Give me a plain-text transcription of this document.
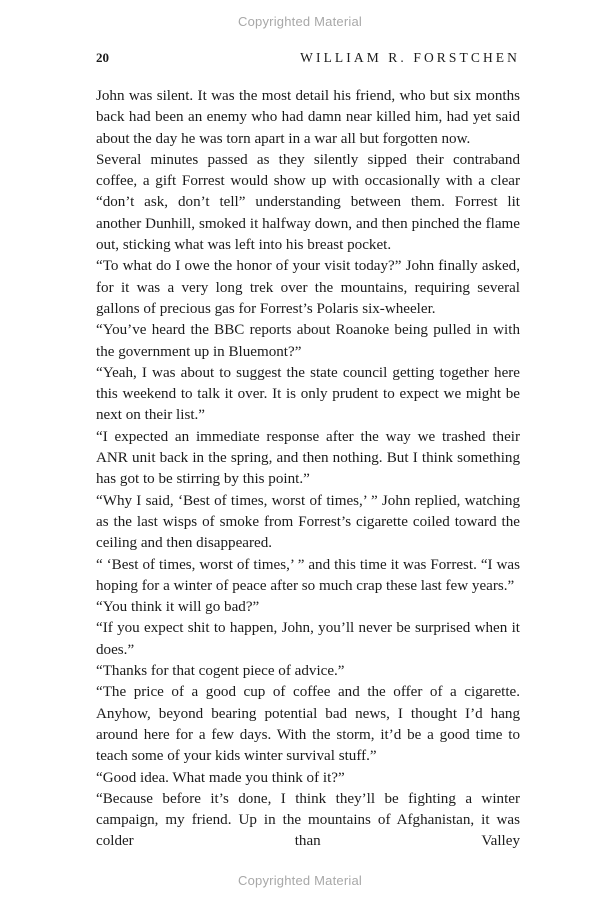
Copyrighted Material
20	WILLIAM R. FORSTCHEN

John was silent. It was the most detail his friend, who but six months back had been an enemy who had damn near killed him, had yet said about the day he was torn apart in a war all but forgotten now.

Several minutes passed as they silently sipped their contraband coffee, a gift Forrest would show up with occasionally with a clear “don’t ask, don’t tell” understanding between them. Forrest lit another Dunhill, smoked it halfway down, and then pinched the flame out, sticking what was left into his breast pocket.

“To what do I owe the honor of your visit today?” John finally asked, for it was a very long trek over the mountains, requiring several gallons of precious gas for Forrest’s Polaris six-wheeler.

“You’ve heard the BBC reports about Roanoke being pulled in with the government up in Bluemont?”

“Yeah, I was about to suggest the state council getting together here this weekend to talk it over. It is only prudent to expect we might be next on their list.”

“I expected an immediate response after the way we trashed their ANR unit back in the spring, and then nothing. But I think something has got to be stirring by this point.”

“Why I said, ‘Best of times, worst of times,’ ” John replied, watching as the last wisps of smoke from Forrest’s cigarette coiled toward the ceiling and then disappeared.

“ ‘Best of times, worst of times,’ ” and this time it was Forrest. “I was hoping for a winter of peace after so much crap these last few years.”

“You think it will go bad?”

“If you expect shit to happen, John, you’ll never be surprised when it does.”

“Thanks for that cogent piece of advice.”

“The price of a good cup of coffee and the offer of a cigarette. Anyhow, beyond bearing potential bad news, I thought I’d hang around here for a few days. With the storm, it’d be a good time to teach some of your kids winter survival stuff.”

“Good idea. What made you think of it?”

“Because before it’s done, I think they’ll be fighting a winter campaign, my friend. Up in the mountains of Afghanistan, it was colder than Valley

Copyrighted Material
